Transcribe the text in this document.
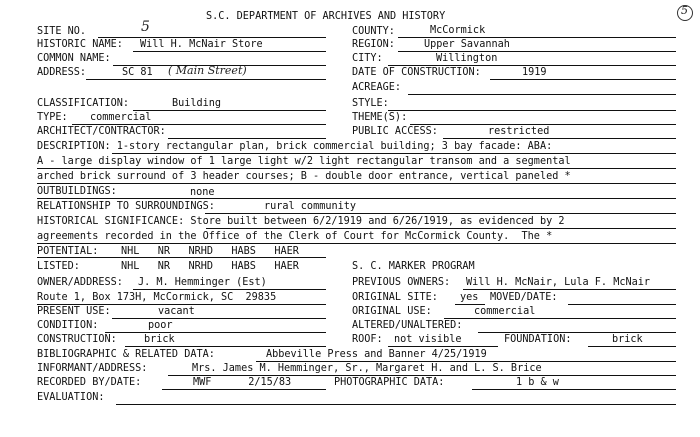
S.C. DEPARTMENT OF ARCHIVES AND HISTORY	5
SITE NO.	5	COUNTY:	McCormick
HISTORIC NAME: Will H. McNair Store	REGION:	Upper Savannah
COMMON NAME:	CITY:	Willington
ADDRESS:	SC 81 ( Main Street)	DATE OF CONSTRUCTION:	1919
ACREAGE:
CLASSIFICATION:	Building	STYLE:
TYPE: commercial	THEME(S):
ARCHITECT/CONTRACTOR:	PUBLIC ACCESS:	restricted
DESCRIPTION: 1-story rectangular plan, brick commercial building; 3 bay facade: ABA:
A - large display window of 1 large light w/2 light rectangular transom and a segmental
arched brick surround of 3 header courses; B - double door entrance, vertical paneled *
OUTBUILDINGS:	none
RELATIONSHIP TO SURROUNDINGS:	rural community
HISTORICAL SIGNIFICANCE: Store built between 6/2/1919 and 6/26/1919, as evidenced by 2
agreements recorded in the Office of the Clerk of Court for McCormick County.  The *
POTENTIAL: NHL   NR   NRHD   HABS   HAER
LISTED:	NHL   NR   NRHD   HABS   HAER	S. C. MARKER PROGRAM
OWNER/ADDRESS: J. M. Hemminger (Est)
Route 1, Box 173H, McCormick, SC  29835
PREVIOUS OWNERS: Will H. McNair, Lula F. McNair
ORIGINAL SITE: yes MOVED/DATE:
PRESENT USE:	vacant	ORIGINAL USE:	commercial
CONDITION:	poor	ALTERED/UNALTERED:
CONSTRUCTION:	brick	ROOF: not visible	FOUNDATION:	brick
BIBLIOGRAPHIC & RELATED DATA:	Abbeville Press and Banner 4/25/1919
INFORMANT/ADDRESS:	Mrs. James M. Hemminger, Sr., Margaret H. and L. S. Brice
RECORDED BY/DATE:	MWF      2/15/83	PHOTOGRAPHIC DATA:	1 b & w
EVALUATION:
